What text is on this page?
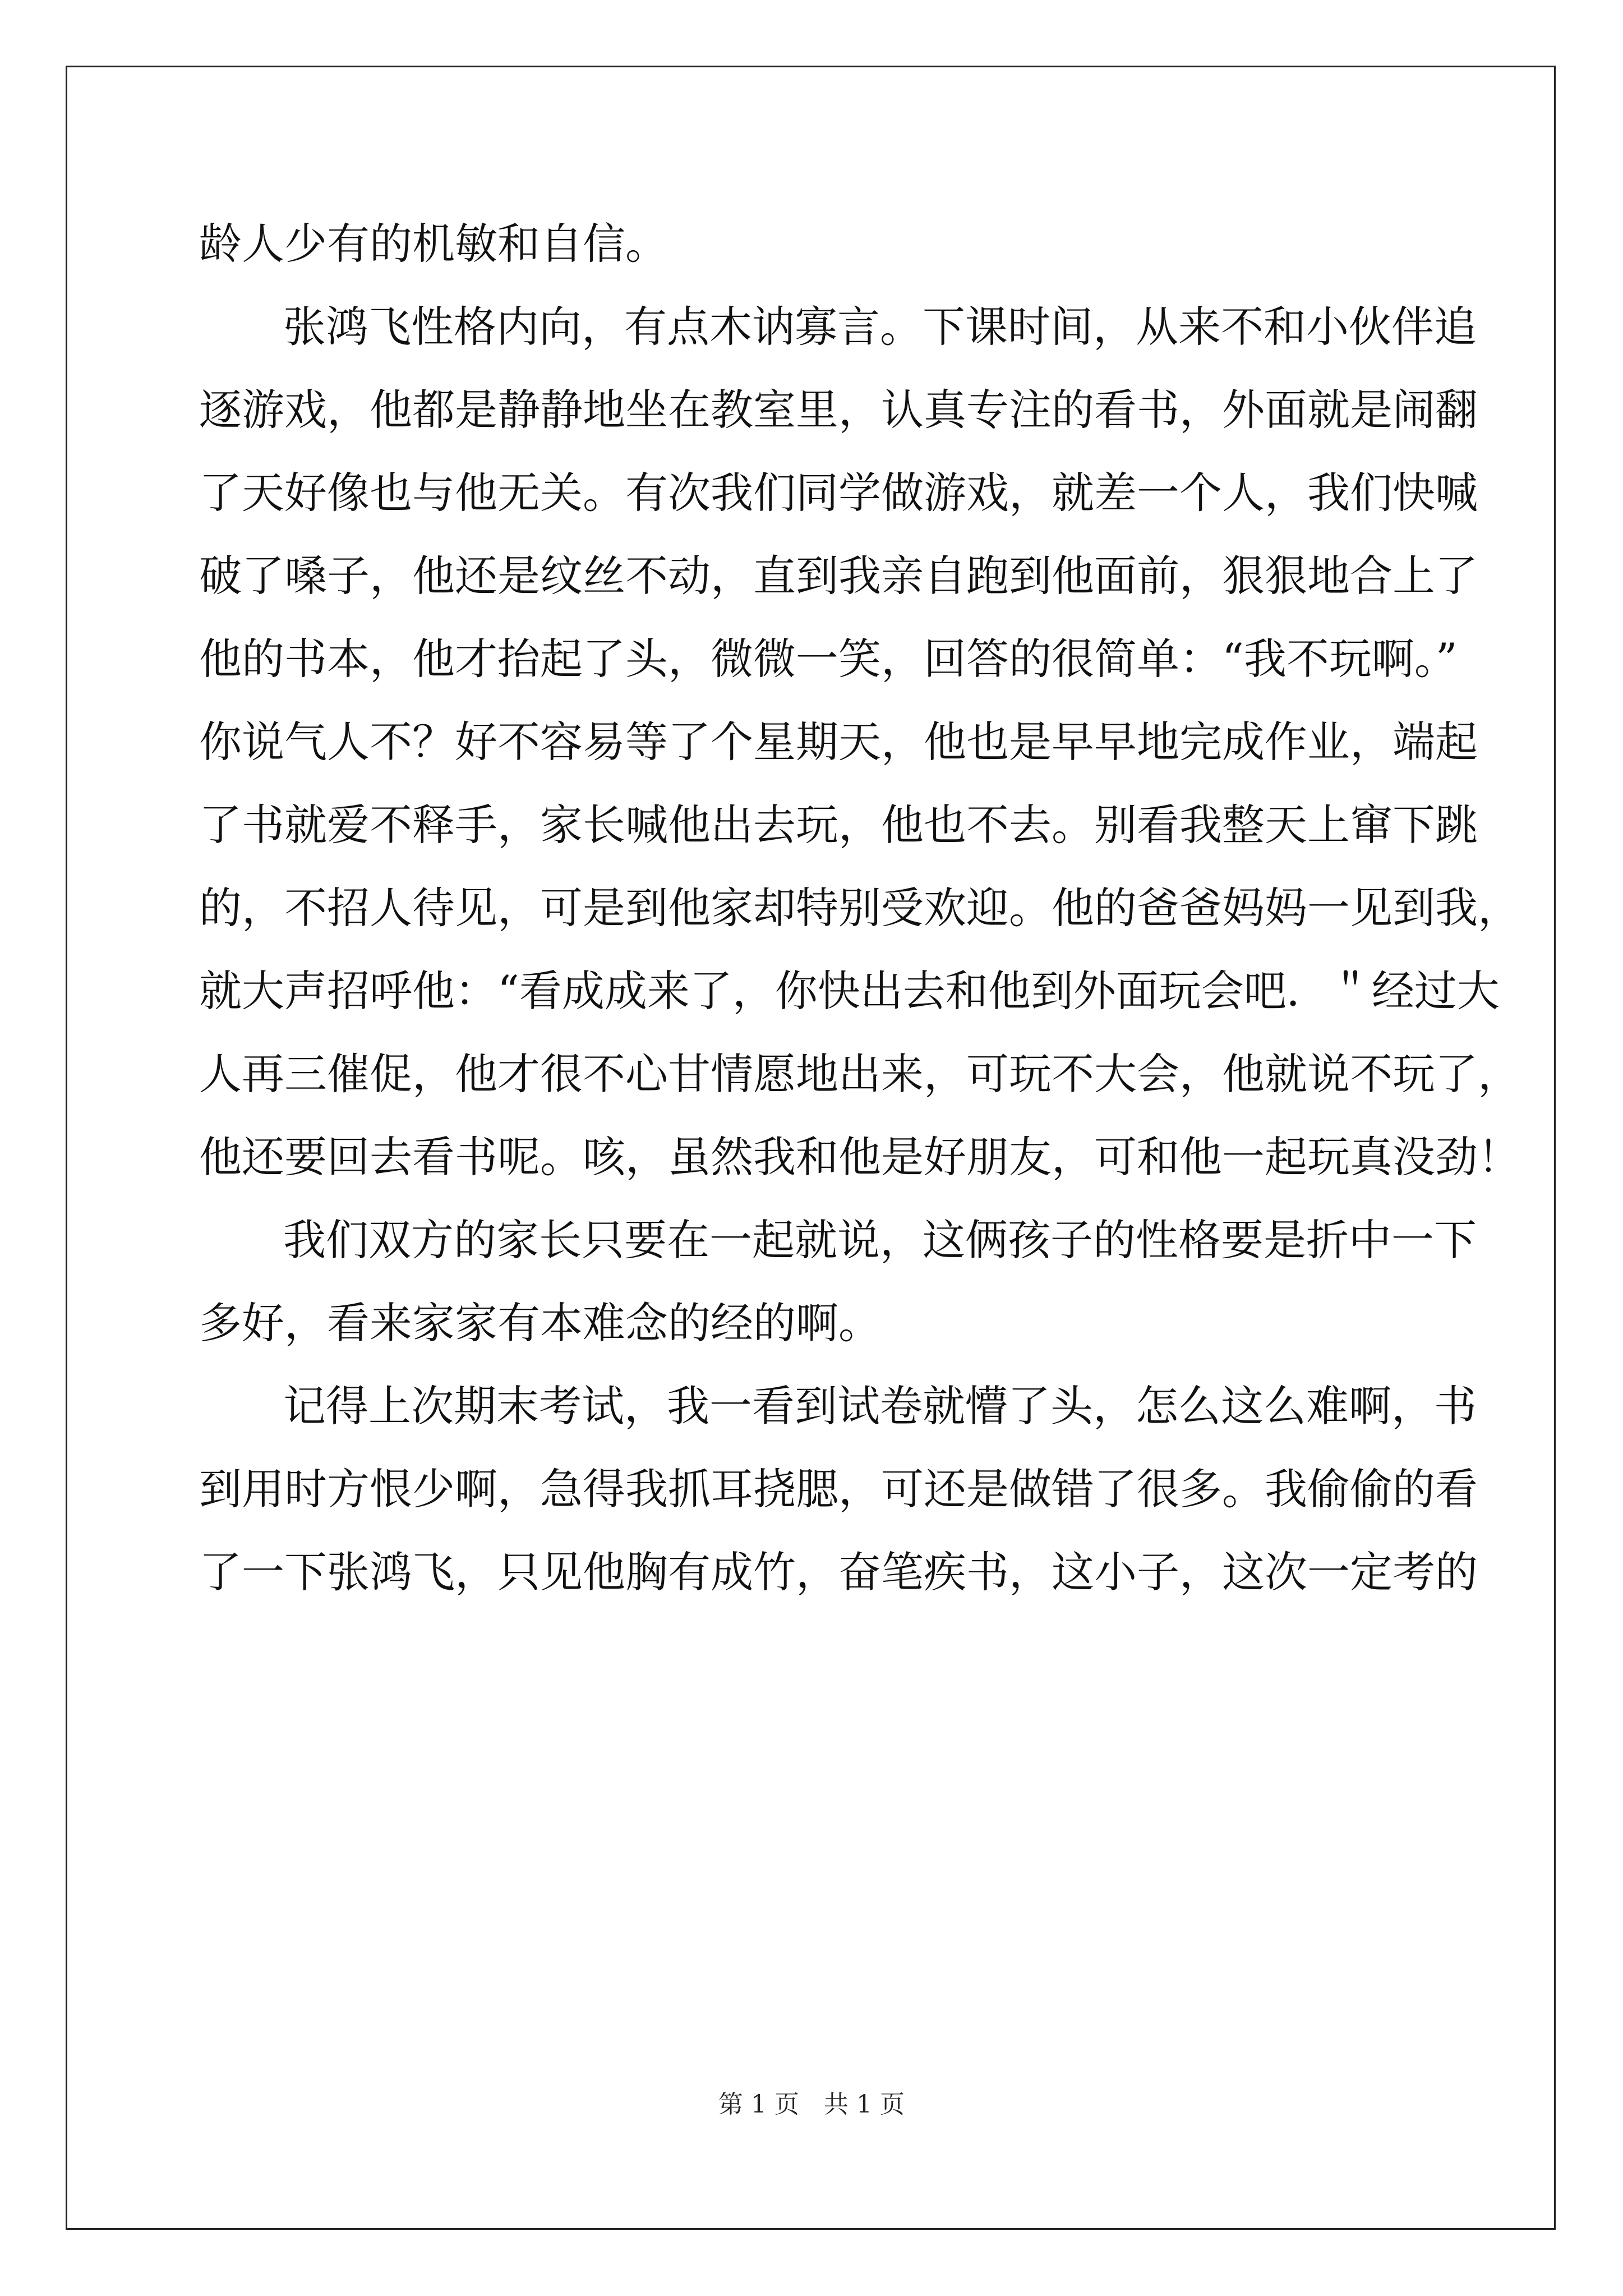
龄人少有的机敏和自信。
张鸿飞性格内向，有点木讷寡言。下课时间，从来不和小伙伴追
逐游戏，他都是静静地坐在教室里，认真专注的看书，外面就是闹翻
了天好像也与他无关。有次我们同学做游戏，就差一个人，我们快喊
破了嗓子，他还是纹丝不动，直到我亲自跑到他面前，狠狠地合上了
他的书本，他才抬起了头，微微一笑，回答的很简单：“我不玩啊。”
你说气人不？好不容易等了个星期天，他也是早早地完成作业，端起
了书就爱不释手，家长喊他出去玩，他也不去。别看我整天上窜下跳
的，不招人待见，可是到他家却特别受欢迎。他的爸爸妈妈一见到我，
就大声招呼他：“看成成来了，你快出去和他到外面玩会吧．＂经过大
人再三催促，他才很不心甘情愿地出来，可玩不大会，他就说不玩了，
他还要回去看书呢。咳，虽然我和他是好朋友，可和他一起玩真没劲！
我们双方的家长只要在一起就说，这俩孩子的性格要是折中一下
多好，看来家家有本难念的经的啊。
记得上次期末考试，我一看到试卷就懵了头，怎么这么难啊，书
到用时方恨少啊，急得我抓耳挠腮，可还是做错了很多。我偷偷的看
了一下张鸿飞，只见他胸有成竹，奋笔疾书，这小子，这次一定考的
第 1 页　共 1 页
